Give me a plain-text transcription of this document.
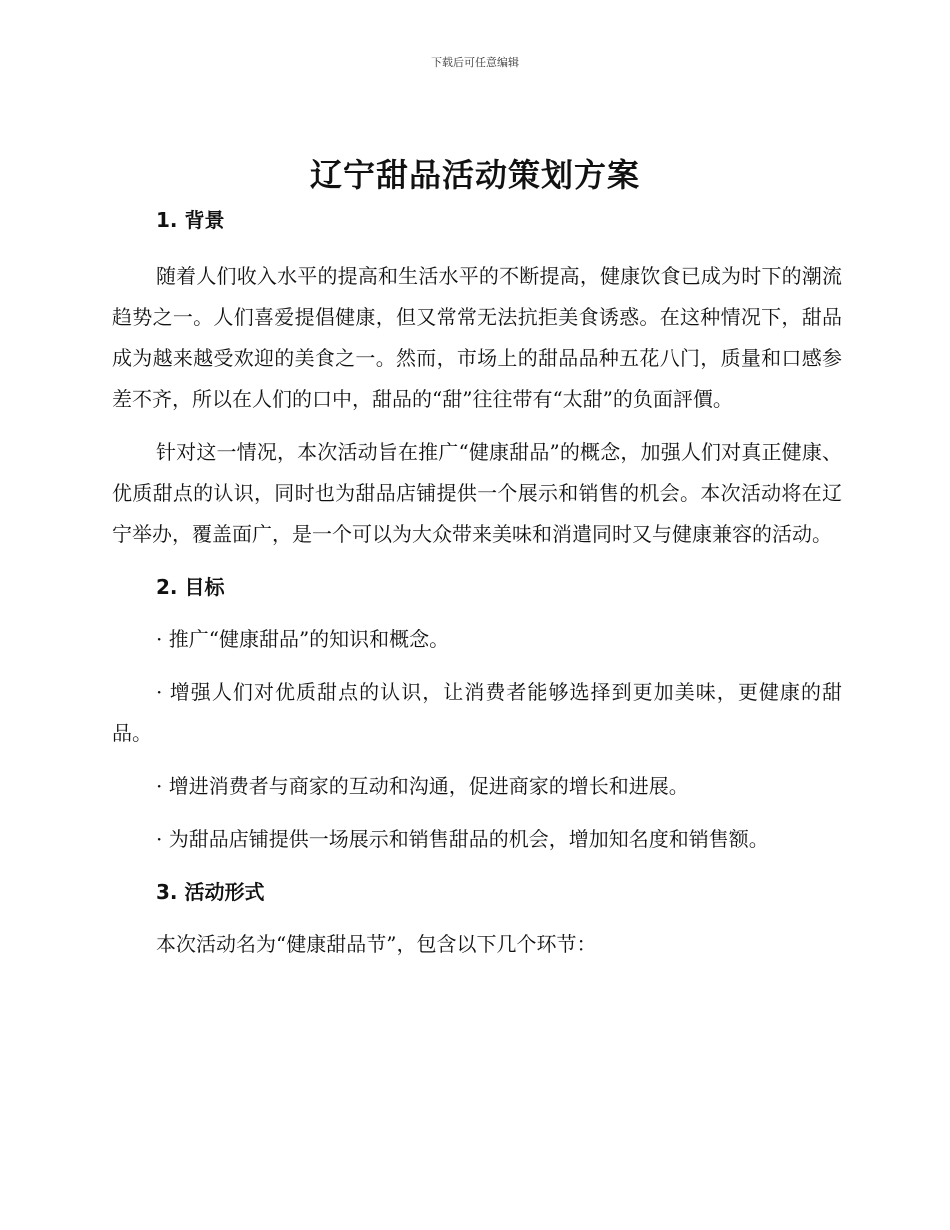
下载后可任意编辑
辽宁甜品活动策划方案

1. 背景

随着人们收入水平的提高和生活水平的不断提高，健康饮食已成为时下的潮流趋势之一。人们喜爱提倡健康，但又常常无法抗拒美食诱惑。在这种情况下，甜品成为越来越受欢迎的美食之一。然而，市场上的甜品品种五花八门，质量和口感参差不齐，所以在人们的口中，甜品的“甜”往往带有“太甜”的负面評價。

针对这一情况，本次活动旨在推广“健康甜品”的概念，加强人们对真正健康、优质甜点的认识，同时也为甜品店铺提供一个展示和销售的机会。本次活动将在辽宁举办，覆盖面广，是一个可以为大众带来美味和消遣同时又与健康兼容的活动。

2. 目标

· 推广“健康甜品”的知识和概念。

· 增强人们对优质甜点的认识，让消费者能够选择到更加美味，更健康的甜品。

· 增进消费者与商家的互动和沟通，促进商家的增长和进展。

· 为甜品店铺提供一场展示和销售甜品的机会，增加知名度和销售额。

3. 活动形式

本次活动名为“健康甜品节”，包含以下几个环节：
